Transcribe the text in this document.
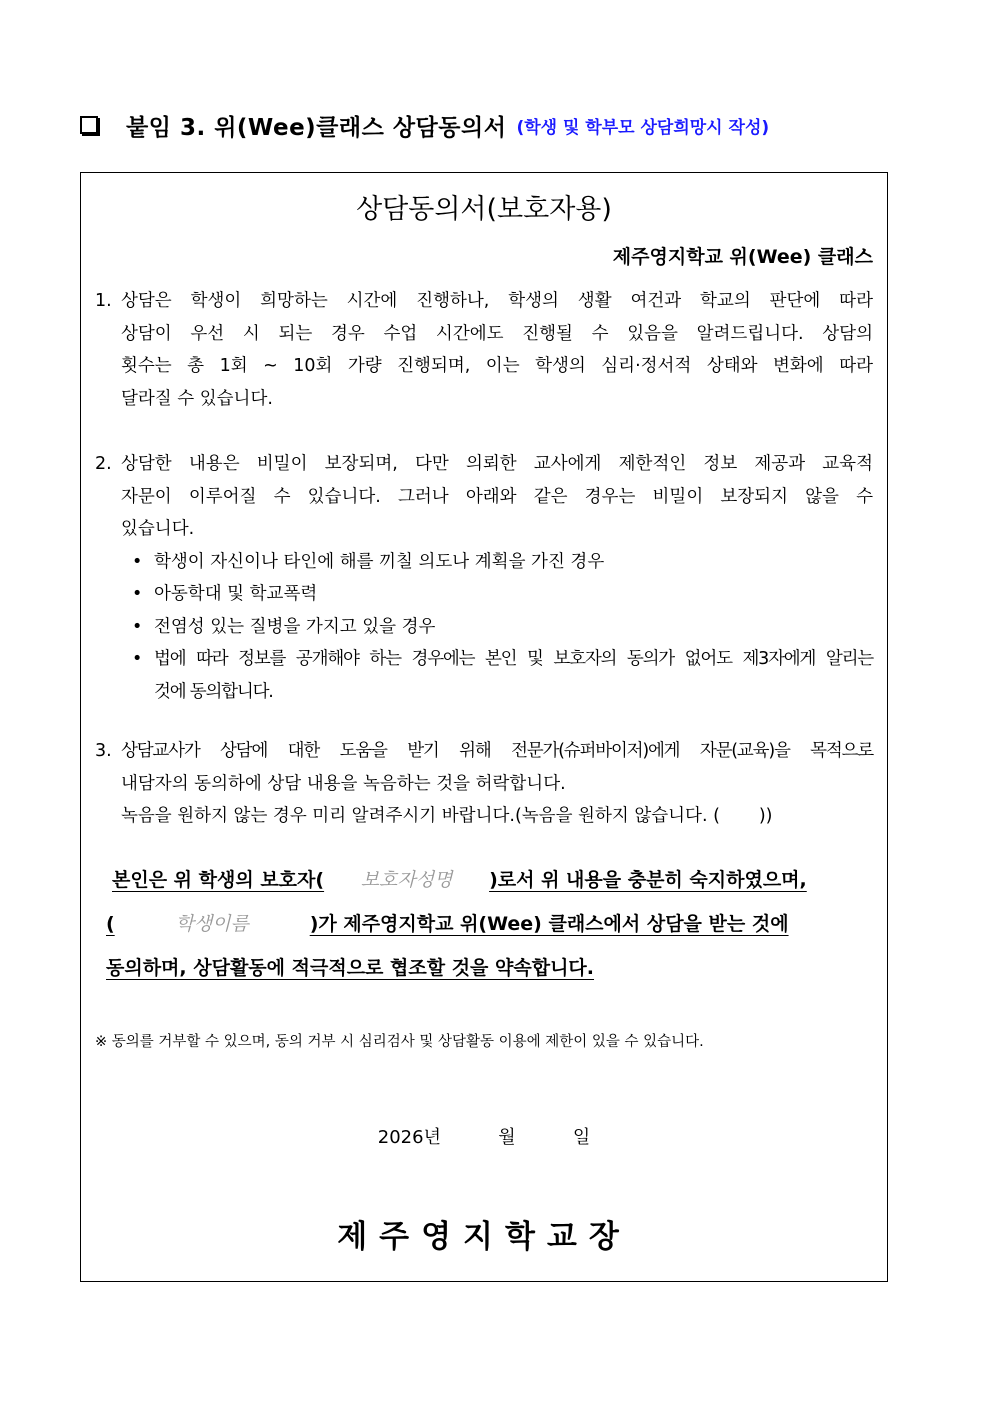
붙임 3. 위(Wee)클래스 상담동의서 (학생 및 학부모 상담희망시 작성)
상담동의서(보호자용)
제주영지학교 위(Wee) 클래스
1. 상담은 학생이 희망하는 시간에 진행하나, 학생의 생활 여건과 학교의 판단에 따라
상담이 우선 시 되는 경우 수업 시간에도 진행될 수 있음을 알려드립니다. 상담의
횟수는 총 1회 ~ 10회 가량 진행되며, 이는 학생의 심리·정서적 상태와 변화에 따라
달라질 수 있습니다.
2. 상담한 내용은 비밀이 보장되며, 다만 의뢰한 교사에게 제한적인 정보 제공과 교육적
자문이 이루어질 수 있습니다. 그러나 아래와 같은 경우는 비밀이 보장되지 않을 수
있습니다.
• 학생이 자신이나 타인에 해를 끼칠 의도나 계획을 가진 경우
• 아동학대 및 학교폭력
• 전염성 있는 질병을 가지고 있을 경우
• 법에 따라 정보를 공개해야 하는 경우에는 본인 및 보호자의 동의가 없어도 제3자에게 알리는
것에 동의합니다.
3. 상담교사가 상담에 대한 도움을 받기 위해 전문가(슈퍼바이저)에게 자문(교육)을 목적으로
내담자의 동의하에 상담 내용을 녹음하는 것을 허락합니다.
녹음을 원하지 않는 경우 미리 알려주시기 바랍니다.(녹음을 원하지 않습니다. (       ))
본인은 위 학생의 보호자( 보호자성명 )로서 위 내용을 충분히 숙지하였으며,
(	학생이름	)가 제주영지학교 위(Wee) 클래스에서 상담을 받는 것에
동의하며, 상담활동에 적극적으로 협조할 것을 약속합니다.
※ 동의를 거부할 수 있으며, 동의 거부 시 심리검사 및 상담활동 이용에 제한이 있을 수 있습니다.
2026년	월	일
제주영지학교장
